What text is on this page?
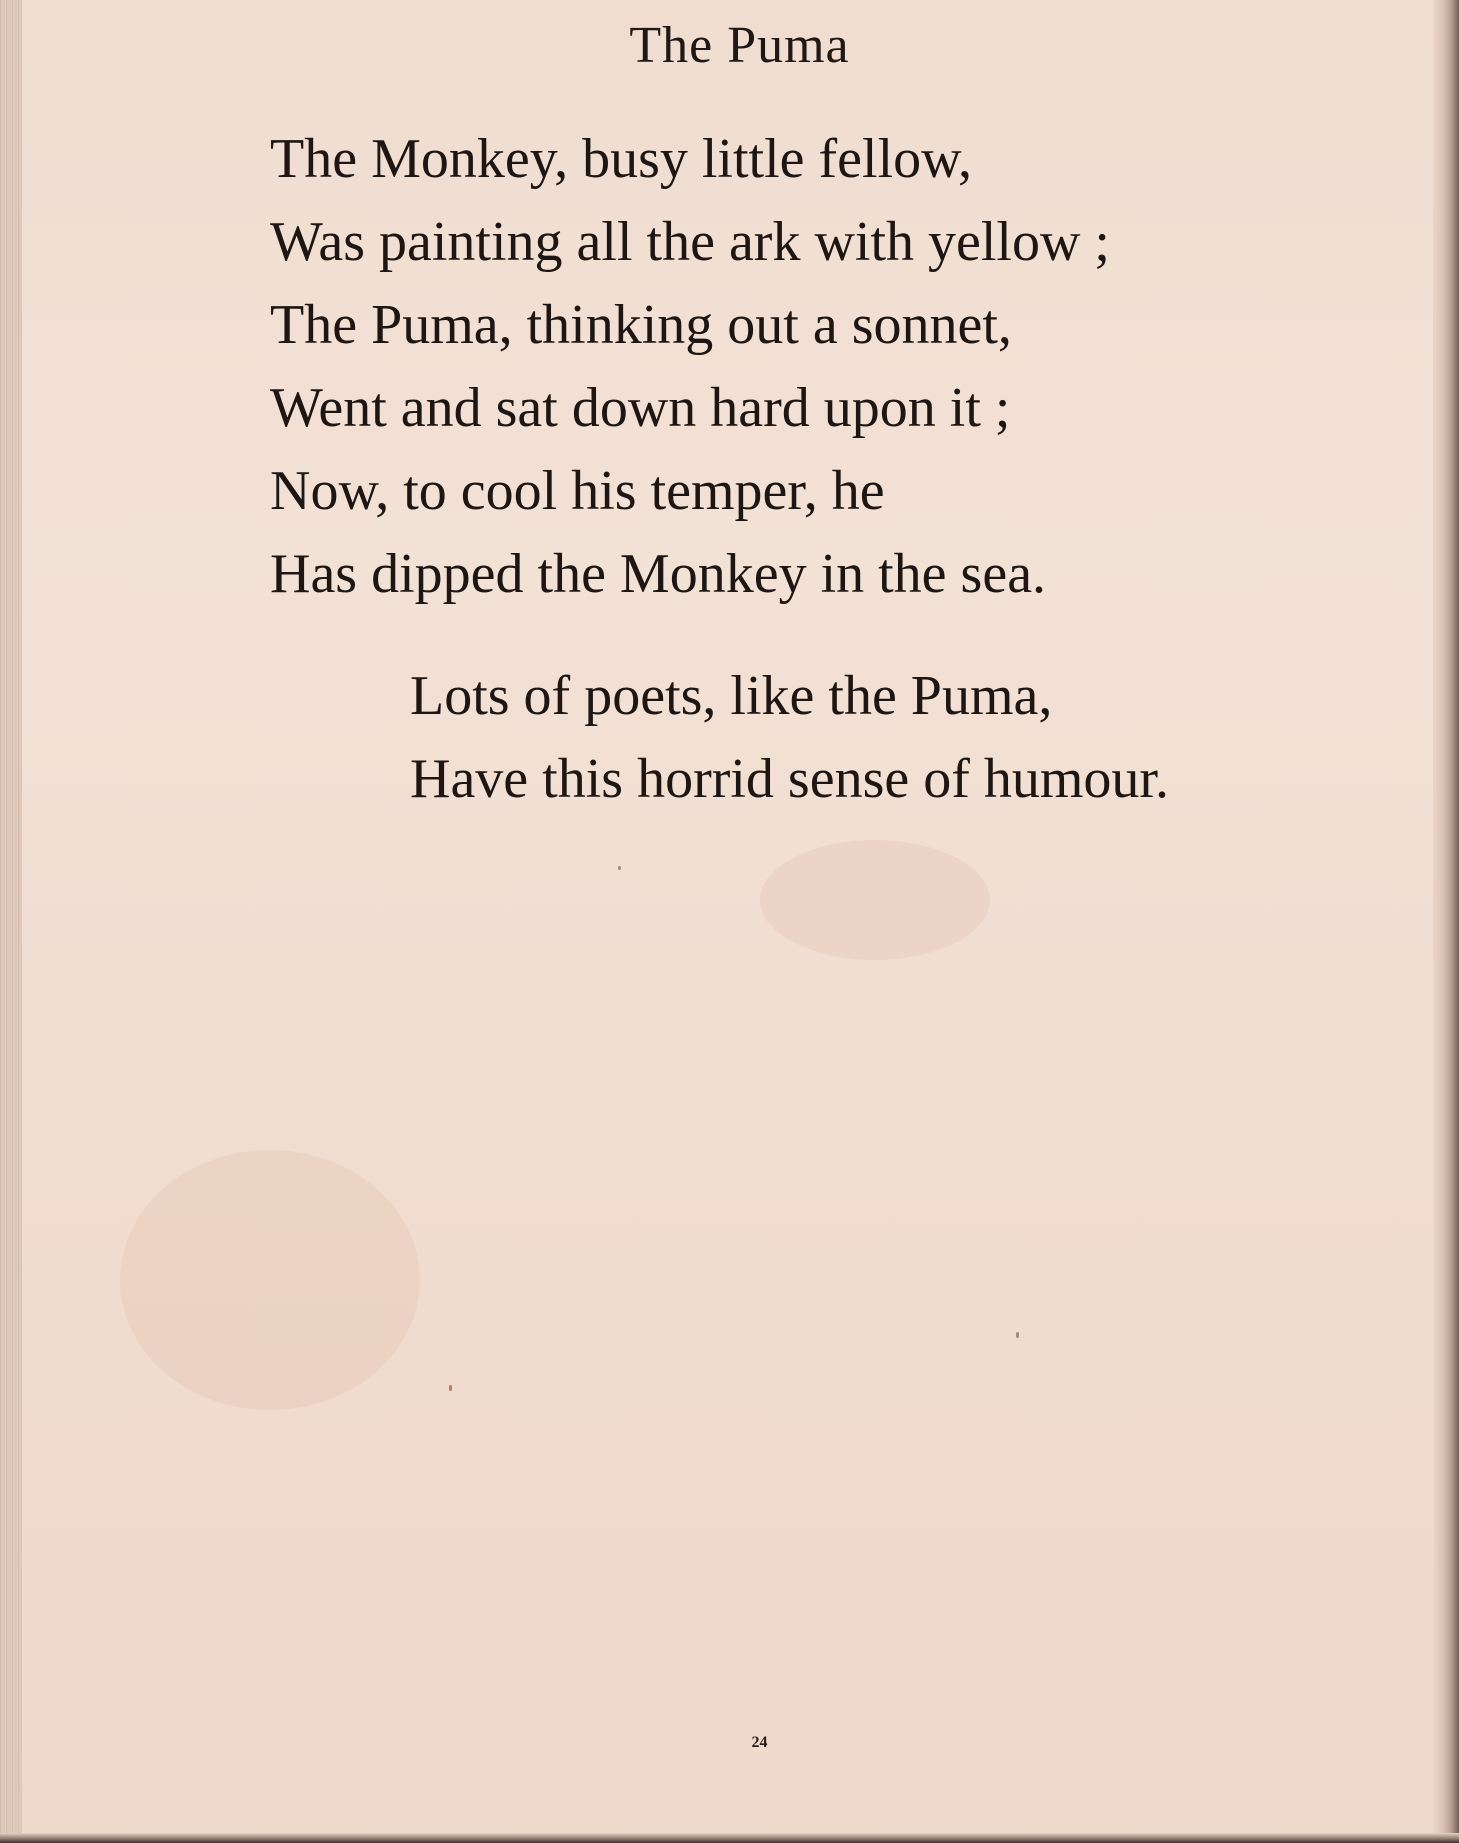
The Puma
The Monkey, busy little fellow,
Was painting all the ark with yellow ;
The Puma, thinking out a sonnet,
Went and sat down hard upon it ;
Now, to cool his temper, he
Has dipped the Monkey in the sea.
Lots of poets, like the Puma,
Have this horrid sense of humour.
24
